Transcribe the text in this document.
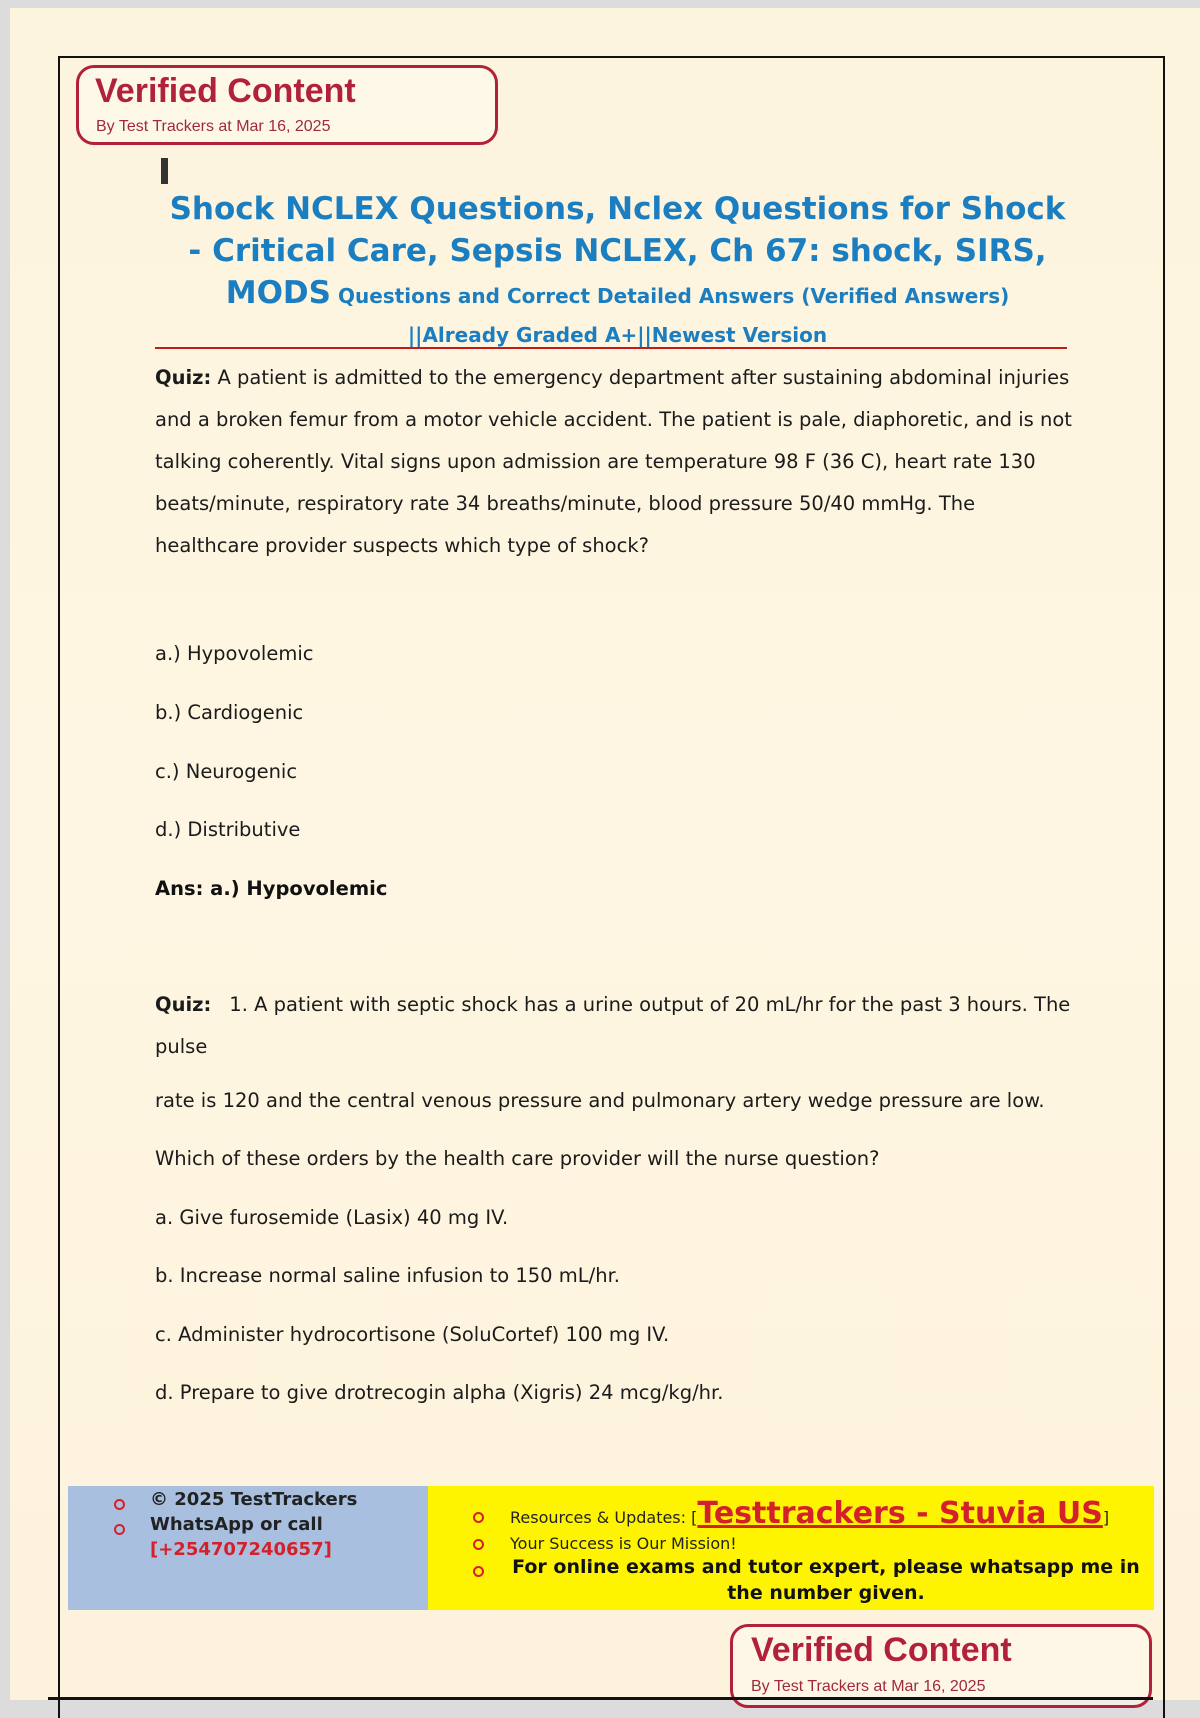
Verified Content
By Test Trackers at Mar 16, 2025
Shock NCLEX Questions, Nclex Questions for Shock
- Critical Care, Sepsis NCLEX, Ch 67: shock, SIRS,
MODS Questions and Correct Detailed Answers (Verified Answers)
||Already Graded A+||Newest Version
Quiz: A patient is admitted to the emergency department after sustaining abdominal injuries and a broken femur from a motor vehicle accident. The patient is pale, diaphoretic, and is not talking coherently. Vital signs upon admission are temperature 98 F (36 C), heart rate 130 beats/minute, respiratory rate 34 breaths/minute, blood pressure 50/40 mmHg. The healthcare provider suspects which type of shock?
a.) Hypovolemic
b.) Cardiogenic
c.) Neurogenic
d.) Distributive
Ans: a.) Hypovolemic
Quiz: 1. A patient with septic shock has a urine output of 20 mL/hr for the past 3 hours. The pulse
rate is 120 and the central venous pressure and pulmonary artery wedge pressure are low.
Which of these orders by the health care provider will the nurse question?
a. Give furosemide (Lasix) 40 mg IV.
b. Increase normal saline infusion to 150 mL/hr.
c. Administer hydrocortisone (SoluCortef) 100 mg IV.
d. Prepare to give drotrecogin alpha (Xigris) 24 mcg/kg/hr.
© 2025 TestTrackers
WhatsApp or call
[+254707240657]
Resources & Updates: [Testtrackers - Stuvia US]
Your Success is Our Mission!
For online exams and tutor expert, please whatsapp me in the number given.
Verified Content
By Test Trackers at Mar 16, 2025
